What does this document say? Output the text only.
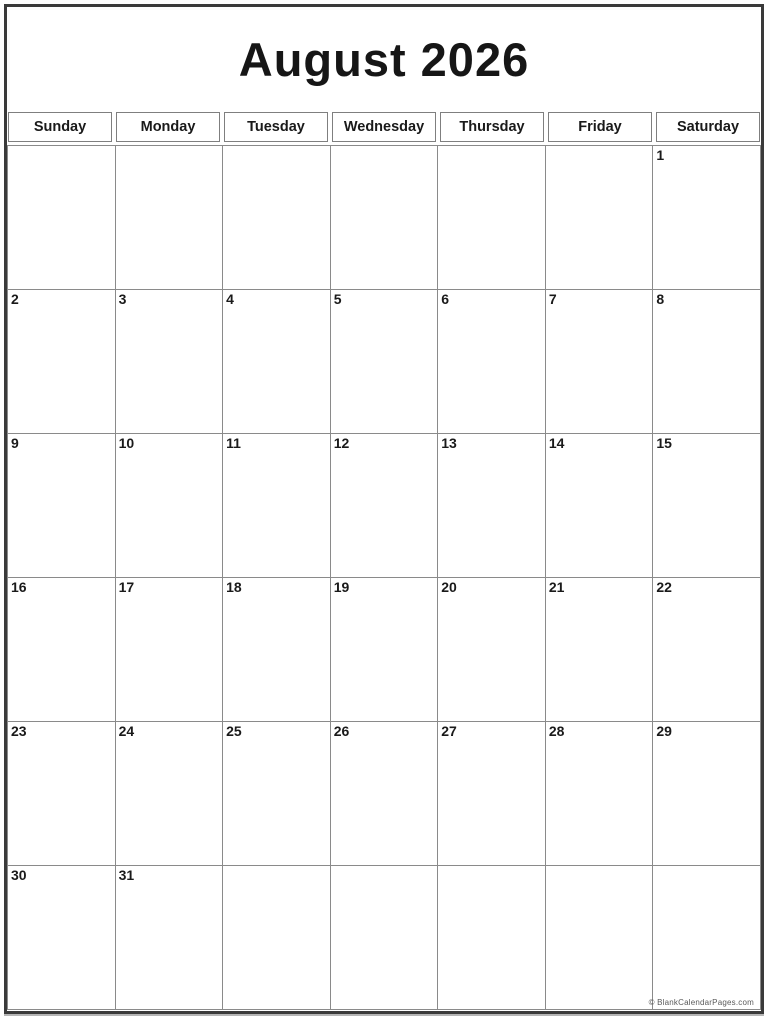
August 2026
Sunday	Monday	Tuesday	Wednesday	Thursday	Friday	Saturday
						1
2	3	4	5	6	7	8
9	10	11	12	13	14	15
16	17	18	19	20	21	22
23	24	25	26	27	28	29
30	31					
© BlankCalendarPages.com
